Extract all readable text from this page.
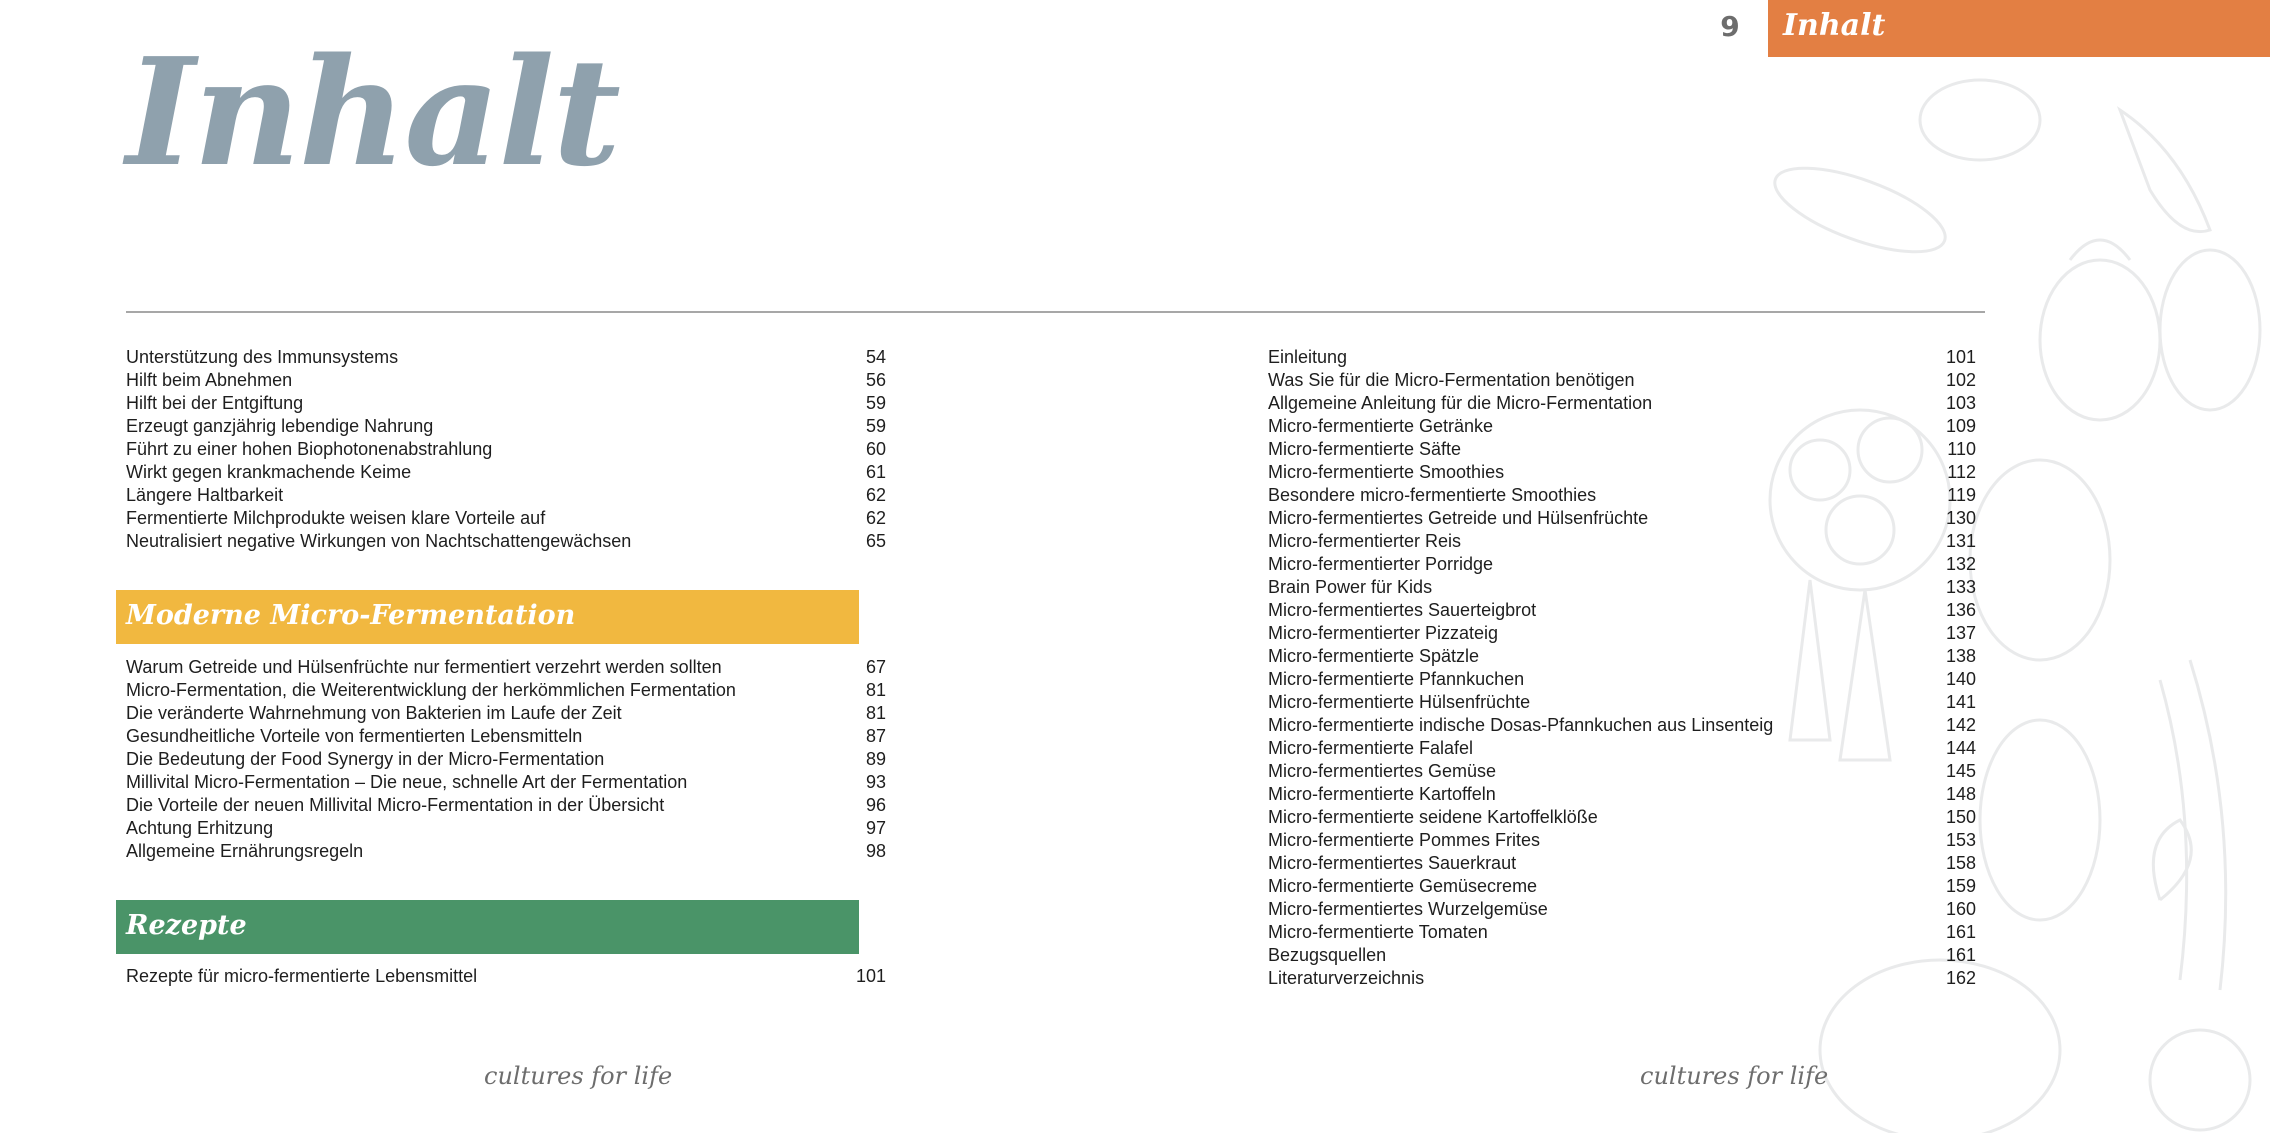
9	Inhalt
Inhalt
Unterstützung des Immunsystems	54
Hilft beim Abnehmen	56
Hilft bei der Entgiftung	59
Erzeugt ganzjährig lebendige Nahrung	59
Führt zu einer hohen Biophotonenabstrahlung	60
Wirkt gegen krankmachende Keime	61
Längere Haltbarkeit	62
Fermentierte Milchprodukte weisen klare Vorteile auf	62
Neutralisiert negative Wirkungen von Nachtschattengewächsen	65
Moderne Micro-Fermentation
Warum Getreide und Hülsenfrüchte nur fermentiert verzehrt werden sollten	67
Micro-Fermentation, die Weiterentwicklung der herkömmlichen Fermentation	81
Die veränderte Wahrnehmung von Bakterien im Laufe der Zeit	81
Gesundheitliche Vorteile von fermentierten Lebensmitteln	87
Die Bedeutung der Food Synergy in der Micro-Fermentation	89
Millivital Micro-Fermentation – Die neue, schnelle Art der Fermentation	93
Die Vorteile der neuen Millivital Micro-Fermentation in der Übersicht	96
Achtung Erhitzung	97
Allgemeine Ernährungsregeln	98
Rezepte
Rezepte für micro-fermentierte Lebensmittel	101
Einleitung	101
Was Sie für die Micro-Fermentation benötigen	102
Allgemeine Anleitung für die Micro-Fermentation	103
Micro-fermentierte Getränke	109
Micro-fermentierte Säfte	110
Micro-fermentierte Smoothies	112
Besondere micro-fermentierte Smoothies	119
Micro-fermentiertes Getreide und Hülsenfrüchte	130
Micro-fermentierter Reis	131
Micro-fermentierter Porridge	132
Brain Power für Kids	133
Micro-fermentiertes Sauerteigbrot	136
Micro-fermentierter Pizzateig	137
Micro-fermentierte Spätzle	138
Micro-fermentierte Pfannkuchen	140
Micro-fermentierte Hülsenfrüchte	141
Micro-fermentierte indische Dosas-Pfannkuchen aus Linsenteig	142
Micro-fermentierte Falafel	144
Micro-fermentiertes Gemüse	145
Micro-fermentierte Kartoffeln	148
Micro-fermentierte seidene Kartoffelklöße	150
Micro-fermentierte Pommes Frites	153
Micro-fermentiertes Sauerkraut	158
Micro-fermentierte Gemüsecreme	159
Micro-fermentiertes Wurzelgemüse	160
Micro-fermentierte Tomaten	161
Bezugsquellen	161
Literaturverzeichnis	162
cultures for life	cultures for life
